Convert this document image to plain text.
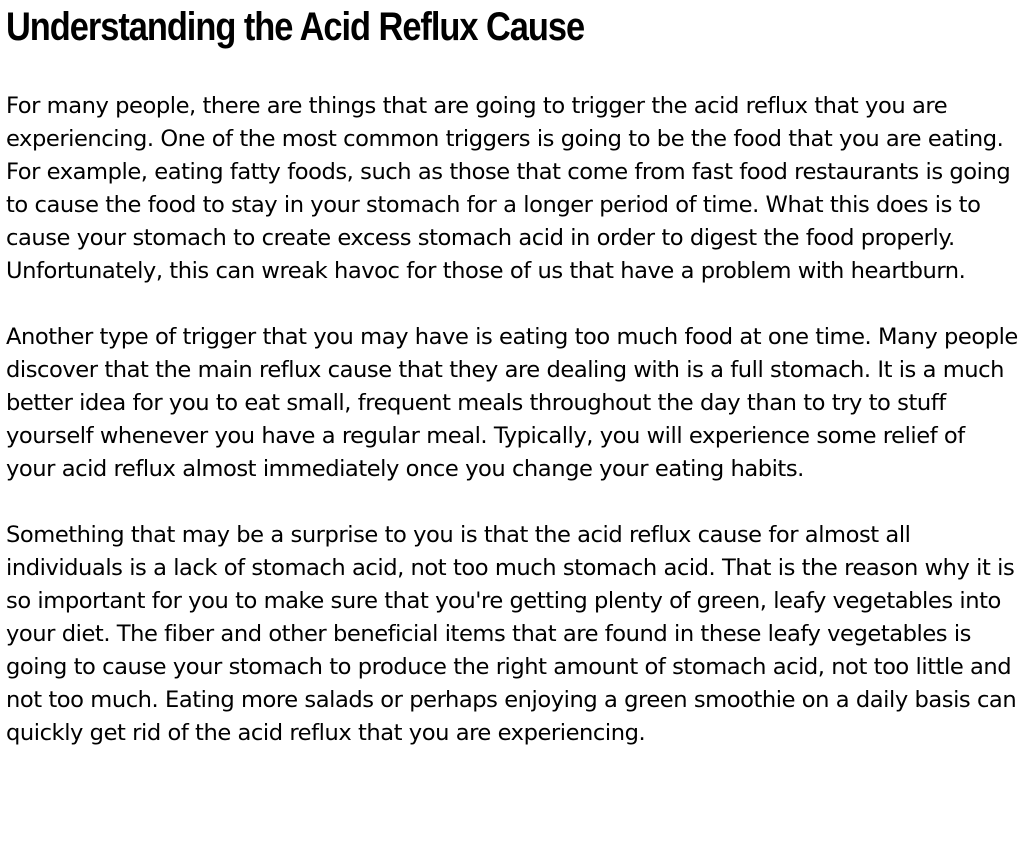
Understanding the Acid Reflux Cause

For many people, there are things that are going to trigger the acid reflux that you are experiencing. One of the most common triggers is going to be the food that you are eating. For example, eating fatty foods, such as those that come from fast food restaurants is going to cause the food to stay in your stomach for a longer period of time. What this does is to cause your stomach to create excess stomach acid in order to digest the food properly. Unfortunately, this can wreak havoc for those of us that have a problem with heartburn.

Another type of trigger that you may have is eating too much food at one time. Many people discover that the main reflux cause that they are dealing with is a full stomach. It is a much better idea for you to eat small, frequent meals throughout the day than to try to stuff yourself whenever you have a regular meal. Typically, you will experience some relief of your acid reflux almost immediately once you change your eating habits.

Something that may be a surprise to you is that the acid reflux cause for almost all individuals is a lack of stomach acid, not too much stomach acid. That is the reason why it is so important for you to make sure that you're getting plenty of green, leafy vegetables into your diet. The fiber and other beneficial items that are found in these leafy vegetables is going to cause your stomach to produce the right amount of stomach acid, not too little and not too much. Eating more salads or perhaps enjoying a green smoothie on a daily basis can quickly get rid of the acid reflux that you are experiencing.
